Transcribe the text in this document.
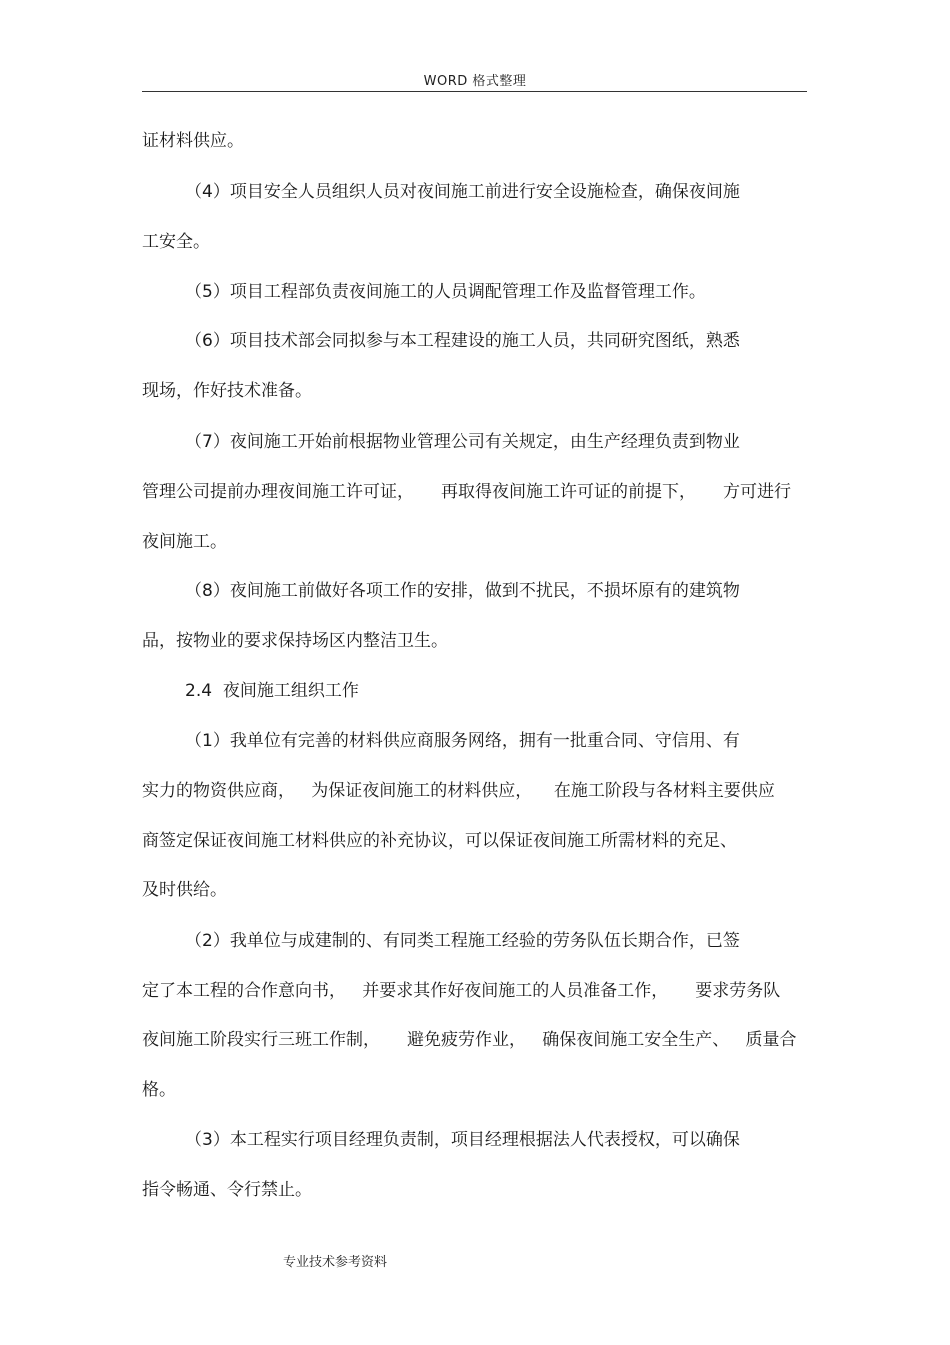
WORD 格式整理
证材料供应。
（4）项目安全人员组织人员对夜间施工前进行安全设施检查，确保夜间施
工安全。
（5）项目工程部负责夜间施工的人员调配管理工作及监督管理工作。
（6）项目技术部会同拟参与本工程建设的施工人员，共同研究图纸，熟悉
现场，作好技术准备。
（7）夜间施工开始前根据物业管理公司有关规定，由生产经理负责到物业
管理公司提前办理夜间施工许可证，     再取得夜间施工许可证的前提下，     方可进行
夜间施工。
（8）夜间施工前做好各项工作的安排，做到不扰民，不损坏原有的建筑物
品，按物业的要求保持场区内整洁卫生。
2.4  夜间施工组织工作
（1）我单位有完善的材料供应商服务网络，拥有一批重合同、守信用、有
实力的物资供应商，   为保证夜间施工的材料供应，    在施工阶段与各材料主要供应
商签定保证夜间施工材料供应的补充协议，可以保证夜间施工所需材料的充足、
及时供给。
（2）我单位与成建制的、有同类工程施工经验的劳务队伍长期合作，已签
定了本工程的合作意向书，   并要求其作好夜间施工的人员准备工作，     要求劳务队
夜间施工阶段实行三班工作制，     避免疲劳作业，   确保夜间施工安全生产、   质量合
格。
（3）本工程实行项目经理负责制，项目经理根据法人代表授权，可以确保
指令畅通、令行禁止。
专业技术参考资料
